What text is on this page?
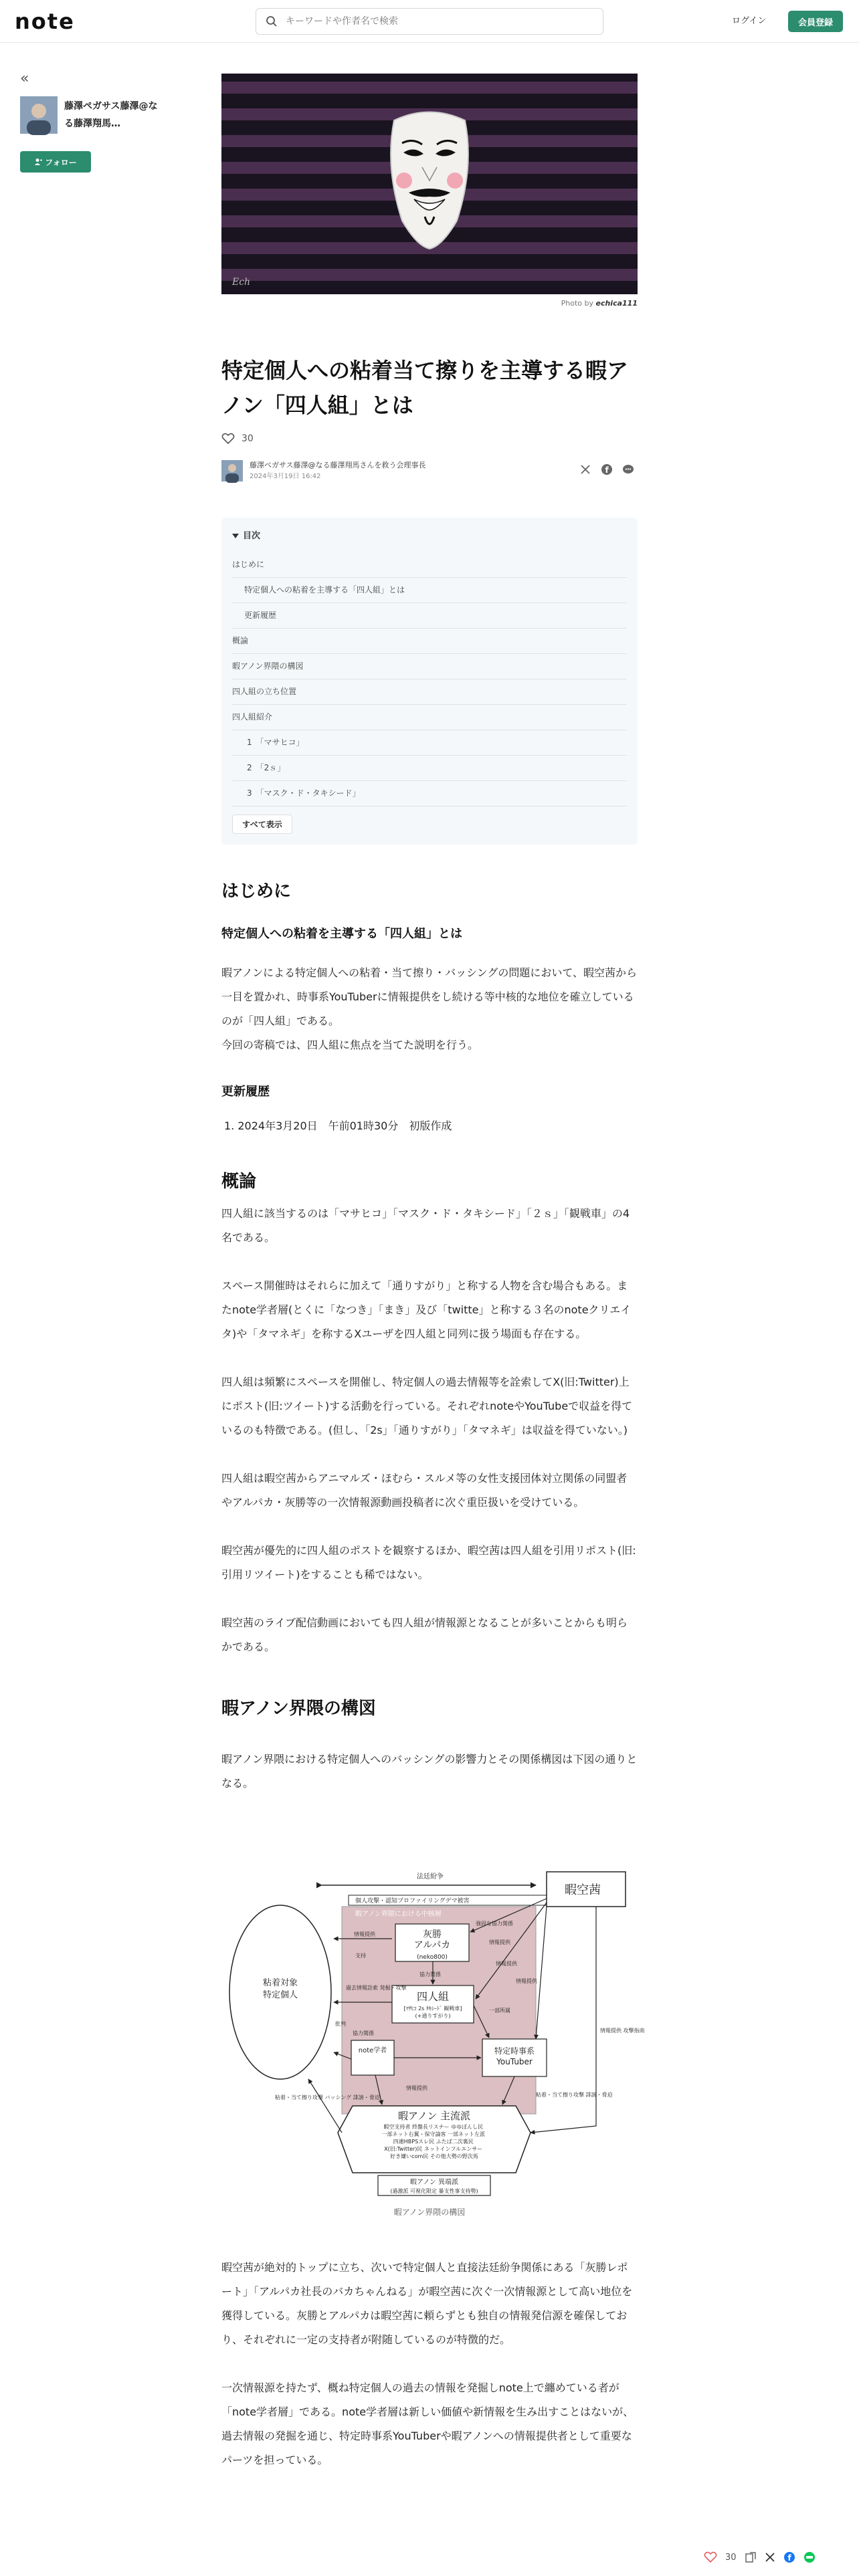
note
キーワードや作者名で検索	ログイン	会員登録
«
藤澤ペガサス藤澤@なる藤澤翔馬…
フォロー
Ech
Photo by echica111
特定個人への粘着当て擦りを主導する暇アノン「四人組」とは
30
藤澤ペガサス藤澤@なる藤澤翔馬さんを救う会理事長
2024年3月19日 16:42
f
目次
はじめに
特定個人への粘着を主導する「四人組」とは
更新履歴
概論
暇アノン界隈の構図
四人組の立ち位置
四人組紹介
1　「マサヒコ」
2　「2ｓ」
3　「マスク・ド・タキシード」
すべて表示
はじめに
特定個人への粘着を主導する「四人組」とは
暇アノンによる特定個人への粘着・当て擦り・バッシングの問題において、暇空茜から一目を置かれ、時事系YouTuberに情報提供をし続ける等中核的な地位を確立しているのが「四人組」である。
今回の寄稿では、四人組に焦点を当てた説明を行う。
更新履歴
1. 2024年3月20日　午前01時30分　初版作成
概論
四人組に該当するのは「マサヒコ」「マスク・ド・タキシード」「２ｓ」「観戦車」の4名である。
スペース開催時はそれらに加えて「通りすがり」と称する人物を含む場合もある。またnote学者層(とくに「なつき」「まき」及び「twitte」と称する３名のnoteクリエイタ)や「タマネギ」を称するXユーザを四人組と同列に扱う場面も存在する。
四人組は頻繁にスペースを開催し、特定個人の過去情報等を詮索してX(旧:Twitter)上にポスト(旧:ツイート)する活動を行っている。それぞれnoteやYouTubeで収益を得ているのも特徴である。(但し、「2s」「通りすがり」「タマネギ」は収益を得ていない。)
四人組は暇空茜からアニマルズ・ほむら・スルメ等の女性支援団体対立関係の同盟者やアルパカ・灰勝等の一次情報源動画投稿者に次ぐ重臣扱いを受けている。
暇空茜が優先的に四人組のポストを観察するほか、暇空茜は四人組を引用リポスト(旧:引用リツイート)をすることも稀ではない。
暇空茜のライブ配信動画においても四人組が情報源となることが多いことからも明らかである。
暇アノン界隈の構図
暇アノン界隈における特定個人へのバッシングの影響力とその関係構図は下図の通りとなる。
法廷紛争
個人攻撃・認知プロファイリングデマ被害
暇アノン界隈における中核層
暇空茜
粘着対象特定個人
灰勝アルパカ
(neko800)
四人組
[ﾏｻﾋｺ 2s ﾀｷｼｰﾄﾞ 観戦車] (+通りすがり)
note学者	特定時事系 YouTuber
暇アノン 主流派
暇空支持者 終盤長リスナー ゆゆぽんし民 一部ネット右翼・保守論客 一部ネット左派 四連HBPSスレ民 ふたば二次裏民 X(旧:Twitter)民 ネットインフルエンサー 好き嫌いcom民 その他大勢の野次馬
暇アノン 異端派
(過激派 可視化限定 暴支性事支持勢)
情報提供
協力関係
情報提供
一部所属
情報提供
情報提供
協力関係
批判
粘着・当て擦り攻撃 バッシング 誹謗・脅迫	粘着・当て擦り攻撃 誹謗・脅迫
情報提供 攻撃指南
情報提供
過去情報詮索 発掘・攻撃
支持
強固な協力関係
暇アノン界隈の構図
暇空茜が絶対的トップに立ち、次いで特定個人と直接法廷紛争関係にある「灰勝レポート」「アルパカ社長のバカちゃんねる」が暇空茜に次ぐ一次情報源として高い地位を獲得している。灰勝とアルパカは暇空茜に頼らずとも独自の情報発信源を確保しており、それぞれに一定の支持者が附随しているのが特徴的だ。
一次情報源を持たず、概ね特定個人の過去の情報を発掘しnote上で纏めている者が「note学者層」である。note学者層は新しい価値や新情報を生み出すことはないが、過去情報の発掘を通じ、特定時事系YouTuberや暇アノンへの情報提供者として重要なパーツを担っている。
30	f
